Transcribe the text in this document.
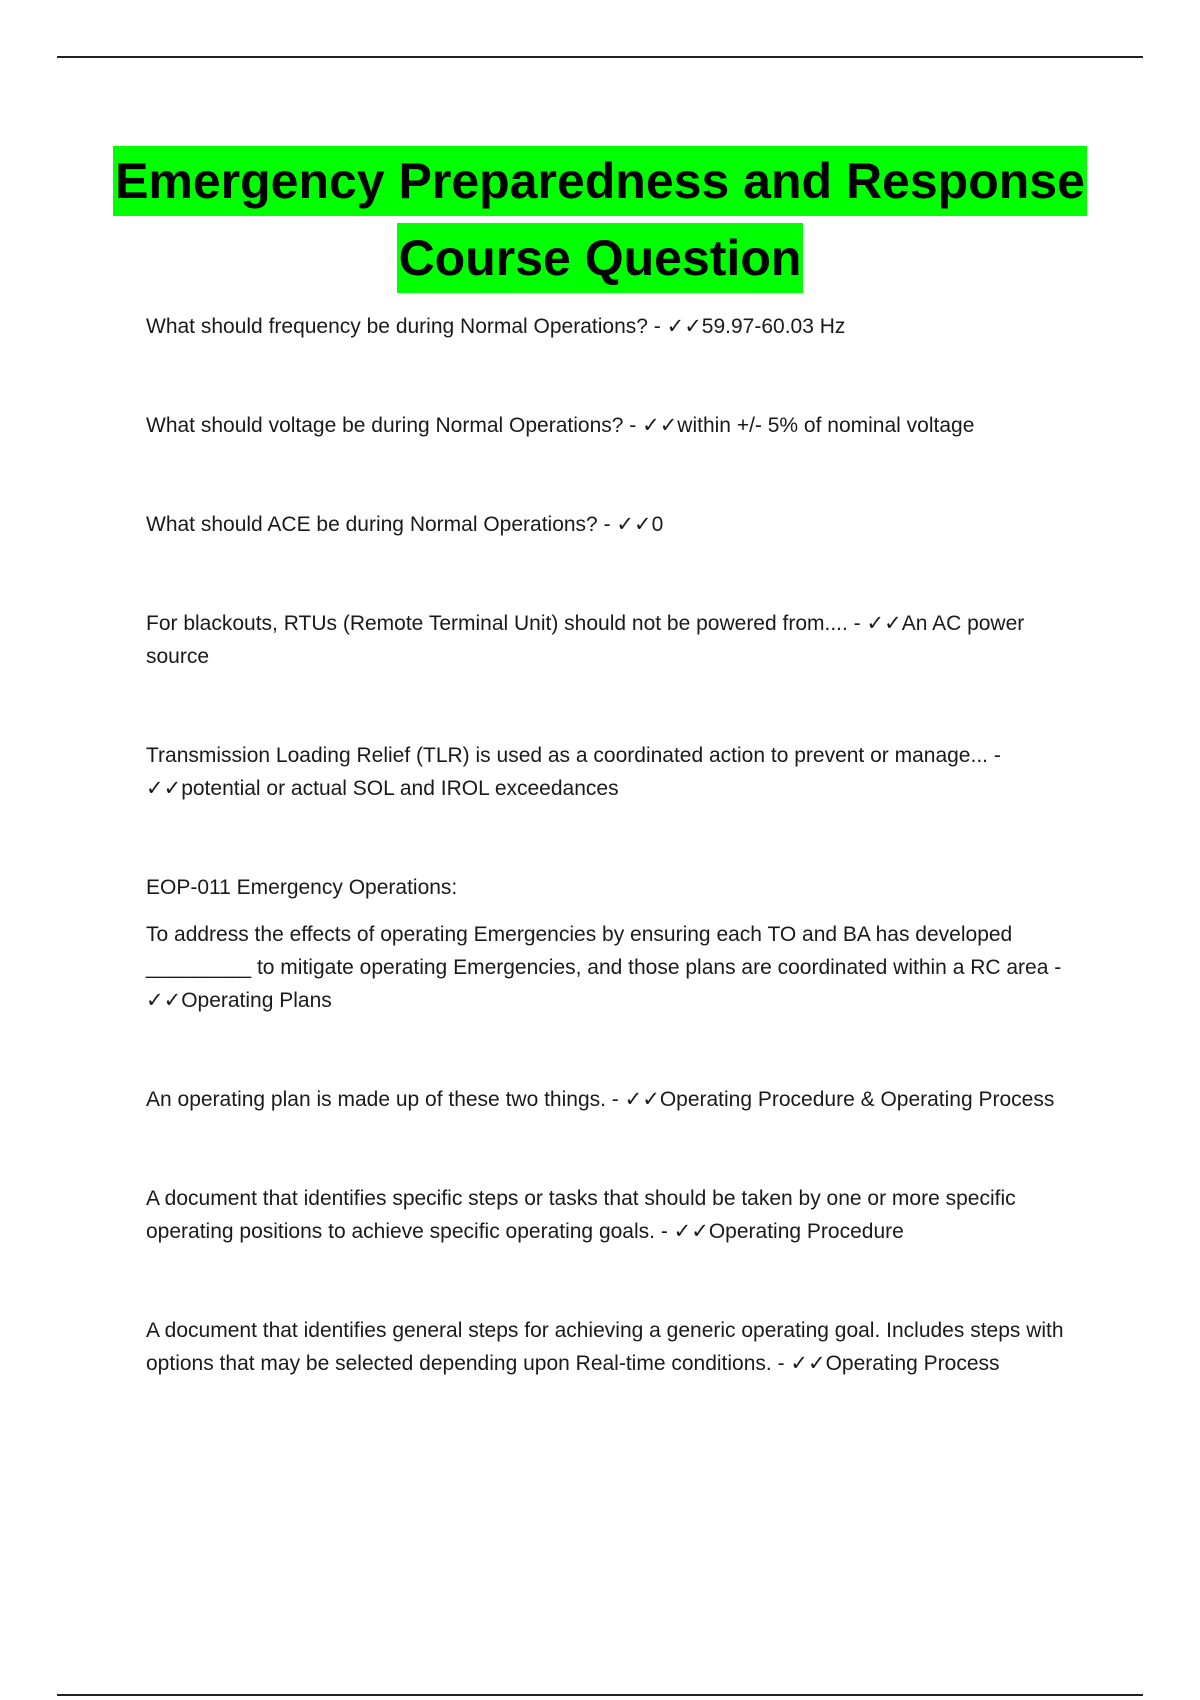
Emergency Preparedness and Response
Course Question

What should frequency be during Normal Operations? - ✓✓59.97-60.03 Hz

What should voltage be during Normal Operations? - ✓✓within +/- 5% of nominal voltage

What should ACE be during Normal Operations? - ✓✓0

For blackouts, RTUs (Remote Terminal Unit) should not be powered from.... - ✓✓An AC power source

Transmission Loading Relief (TLR) is used as a coordinated action to prevent or manage... - ✓✓potential or actual SOL and IROL exceedances

EOP-011 Emergency Operations:

To address the effects of operating Emergencies by ensuring each TO and BA has developed _________ to mitigate operating Emergencies, and those plans are coordinated within a RC area - ✓✓Operating Plans

An operating plan is made up of these two things. - ✓✓Operating Procedure & Operating Process

A document that identifies specific steps or tasks that should be taken by one or more specific operating positions to achieve specific operating goals. - ✓✓Operating Procedure

A document that identifies general steps for achieving a generic operating goal. Includes steps with options that may be selected depending upon Real-time conditions. - ✓✓Operating Process
